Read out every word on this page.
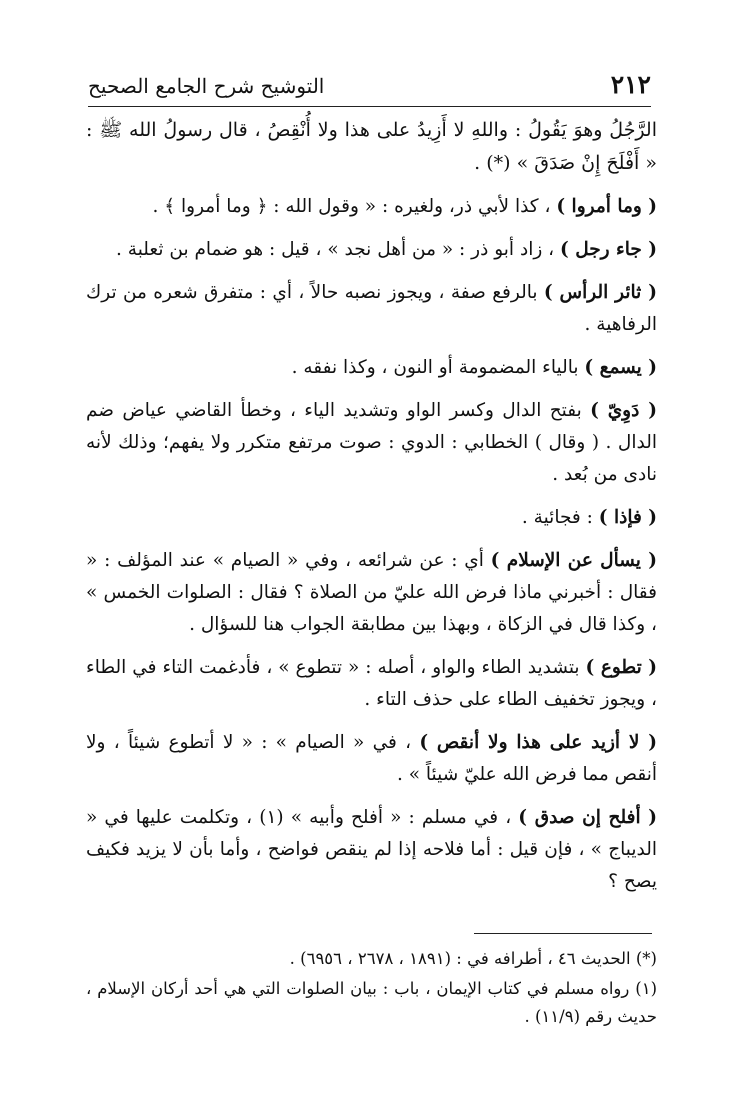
٢١٢
التوشيح شرح الجامع الصحيح

الرَّجُلُ وهوَ يَقُولُ : واللهِ لا أَزِيدُ على هذا ولا أُنْقِصُ ، قال رسولُ الله ﷺ : « أَفْلَحَ إِنْ صَدَقَ » (*) .

( وما أمروا ) ، كذا لأبي ذر، ولغيره : « وقول الله : ﴿ وما أمروا ﴾ .

( جاء رجل ) ، زاد أبو ذر : « من أهل نجد » ، قيل : هو ضمام بن ثعلبة .

( ثائر الرأس ) بالرفع صفة ، ويجوز نصبه حالاً ، أي : متفرق شعره من ترك الرفاهية .

( يسمع ) بالياء المضمومة أو النون ، وكذا نفقه .

( دَوِيّ ) بفتح الدال وكسر الواو وتشديد الياء ، وخطأ القاضي عياض ضم الدال . ( وقال ) الخطابي : الدوي : صوت مرتفع متكرر ولا يفهم؛ وذلك لأنه نادى من بُعد .

( فإذا ) : فجائية .

( يسأل عن الإسلام ) أي : عن شرائعه ، وفي « الصيام » عند المؤلف : « فقال : أخبرني ماذا فرض الله عليّ من الصلاة ؟ فقال : الصلوات الخمس » ، وكذا قال في الزكاة ، وبهذا بين مطابقة الجواب هنا للسؤال .

( تطوع ) بتشديد الطاء والواو ، أصله : « تتطوع » ، فأدغمت التاء في الطاء ، ويجوز تخفيف الطاء على حذف التاء .

( لا أزيد على هذا ولا أنقص ) ، في « الصيام » : « لا أتطوع شيئاً ، ولا أنقص مما فرض الله عليّ شيئاً » .

( أفلح إن صدق ) ، في مسلم : « أفلح وأبيه » (١) ، وتكلمت عليها في « الديباج » ، فإن قيل : أما فلاحه إذا لم ينقص فواضح ، وأما بأن لا يزيد فكيف يصح ؟

(*) الحديث ٤٦ ، أطرافه في : (١٨٩١ ، ٢٦٧٨ ، ٦٩٥٦) .

(١) رواه مسلم في كتاب الإيمان ، باب : بيان الصلوات التي هي أحد أركان الإسلام ، حديث رقم (١١/٩) .
